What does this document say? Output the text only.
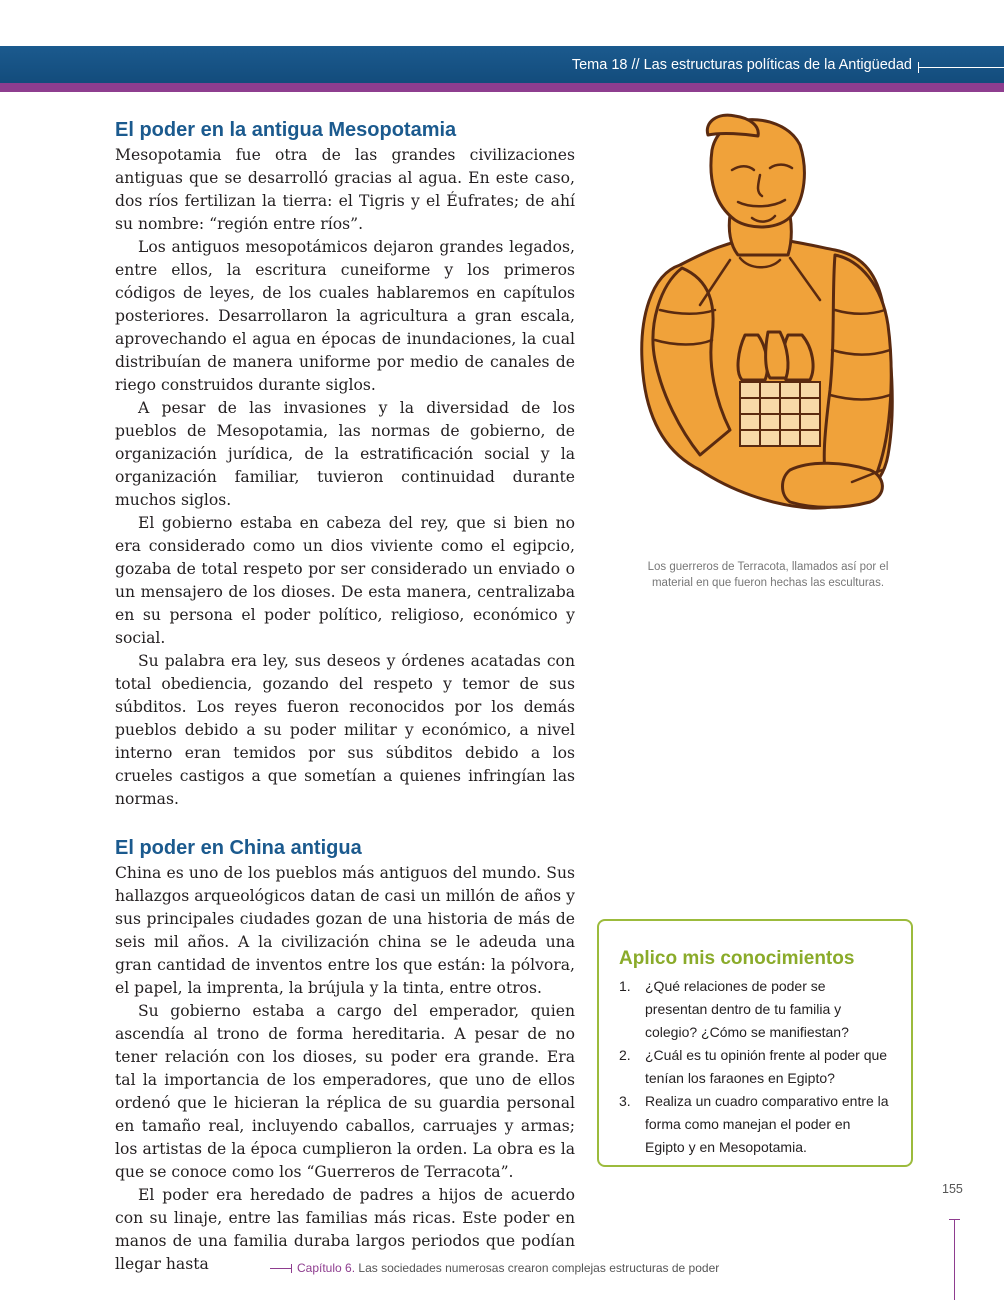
Tema 18 // Las estructuras políticas de la Antigüedad
El poder en la antigua Mesopotamia

Mesopotamia fue otra de las grandes civilizaciones antiguas que se desarrolló gracias al agua. En este caso, dos ríos fertilizan la tierra: el Tigris y el Éufrates; de ahí su nombre: “región entre ríos”.

Los antiguos mesopotámicos dejaron grandes legados, entre ellos, la escritura cuneiforme y los primeros códigos de leyes, de los cuales hablaremos en capítulos posteriores. Desarrollaron la agricultura a gran escala, aprovechando el agua en épocas de inundaciones, la cual distribuían de manera uniforme por medio de canales de riego construidos durante siglos.

A pesar de las invasiones y la diversidad de los pueblos de Mesopotamia, las normas de gobierno, de organización jurídica, de la estratificación social y la organización familiar, tuvieron continuidad durante muchos siglos.

El gobierno estaba en cabeza del rey, que si bien no era considerado como un dios viviente como el egipcio, gozaba de total respeto por ser considerado un enviado o un mensajero de los dioses. De esta manera, centralizaba en su persona el poder político, religioso, económico y social.

Su palabra era ley, sus deseos y órdenes acatadas con total obediencia, gozando del respeto y temor de sus súbditos. Los reyes fueron reconocidos por los demás pueblos debido a su poder militar y económico, a nivel interno eran temidos por sus súbditos debido a los crueles castigos a que sometían a quienes infringían las normas.

El poder en China antigua

China es uno de los pueblos más antiguos del mundo. Sus hallazgos arqueológicos datan de casi un millón de años y sus principales ciudades gozan de una historia de más de seis mil años. A la civilización china se le adeuda una gran cantidad de inventos entre los que están: la pólvora, el papel, la imprenta, la brújula y la tinta, entre otros.

Su gobierno estaba a cargo del emperador, quien ascendía al trono de forma hereditaria. A pesar de no tener relación con los dioses, su poder era grande. Era tal la importancia de los emperadores, que uno de ellos ordenó que le hicieran la réplica de su guardia personal en tamaño real, incluyendo caballos, carruajes y armas; los artistas de la época cumplieron la orden. La obra es la que se conoce como los “Guerreros de Terracota”.

El poder era heredado de padres a hijos de acuerdo con su linaje, entre las familias más ricas. Este poder en manos de una familia duraba largos periodos que podían llegar hasta

Los guerreros de Terracota, llamados así por el material en que fueron hechas las esculturas.
Aplico mis conocimientos
1.	¿Qué relaciones de poder se presentan dentro de tu familia y colegio? ¿Cómo se manifiestan?
2.	¿Cuál es tu opinión frente al poder que tenían los faraones en Egipto?
3.	Realiza un cuadro comparativo entre la forma como manejan el poder en Egipto y en Mesopotamia.
155
Capítulo 6.
Las sociedades numerosas crearon complejas estructuras de poder
